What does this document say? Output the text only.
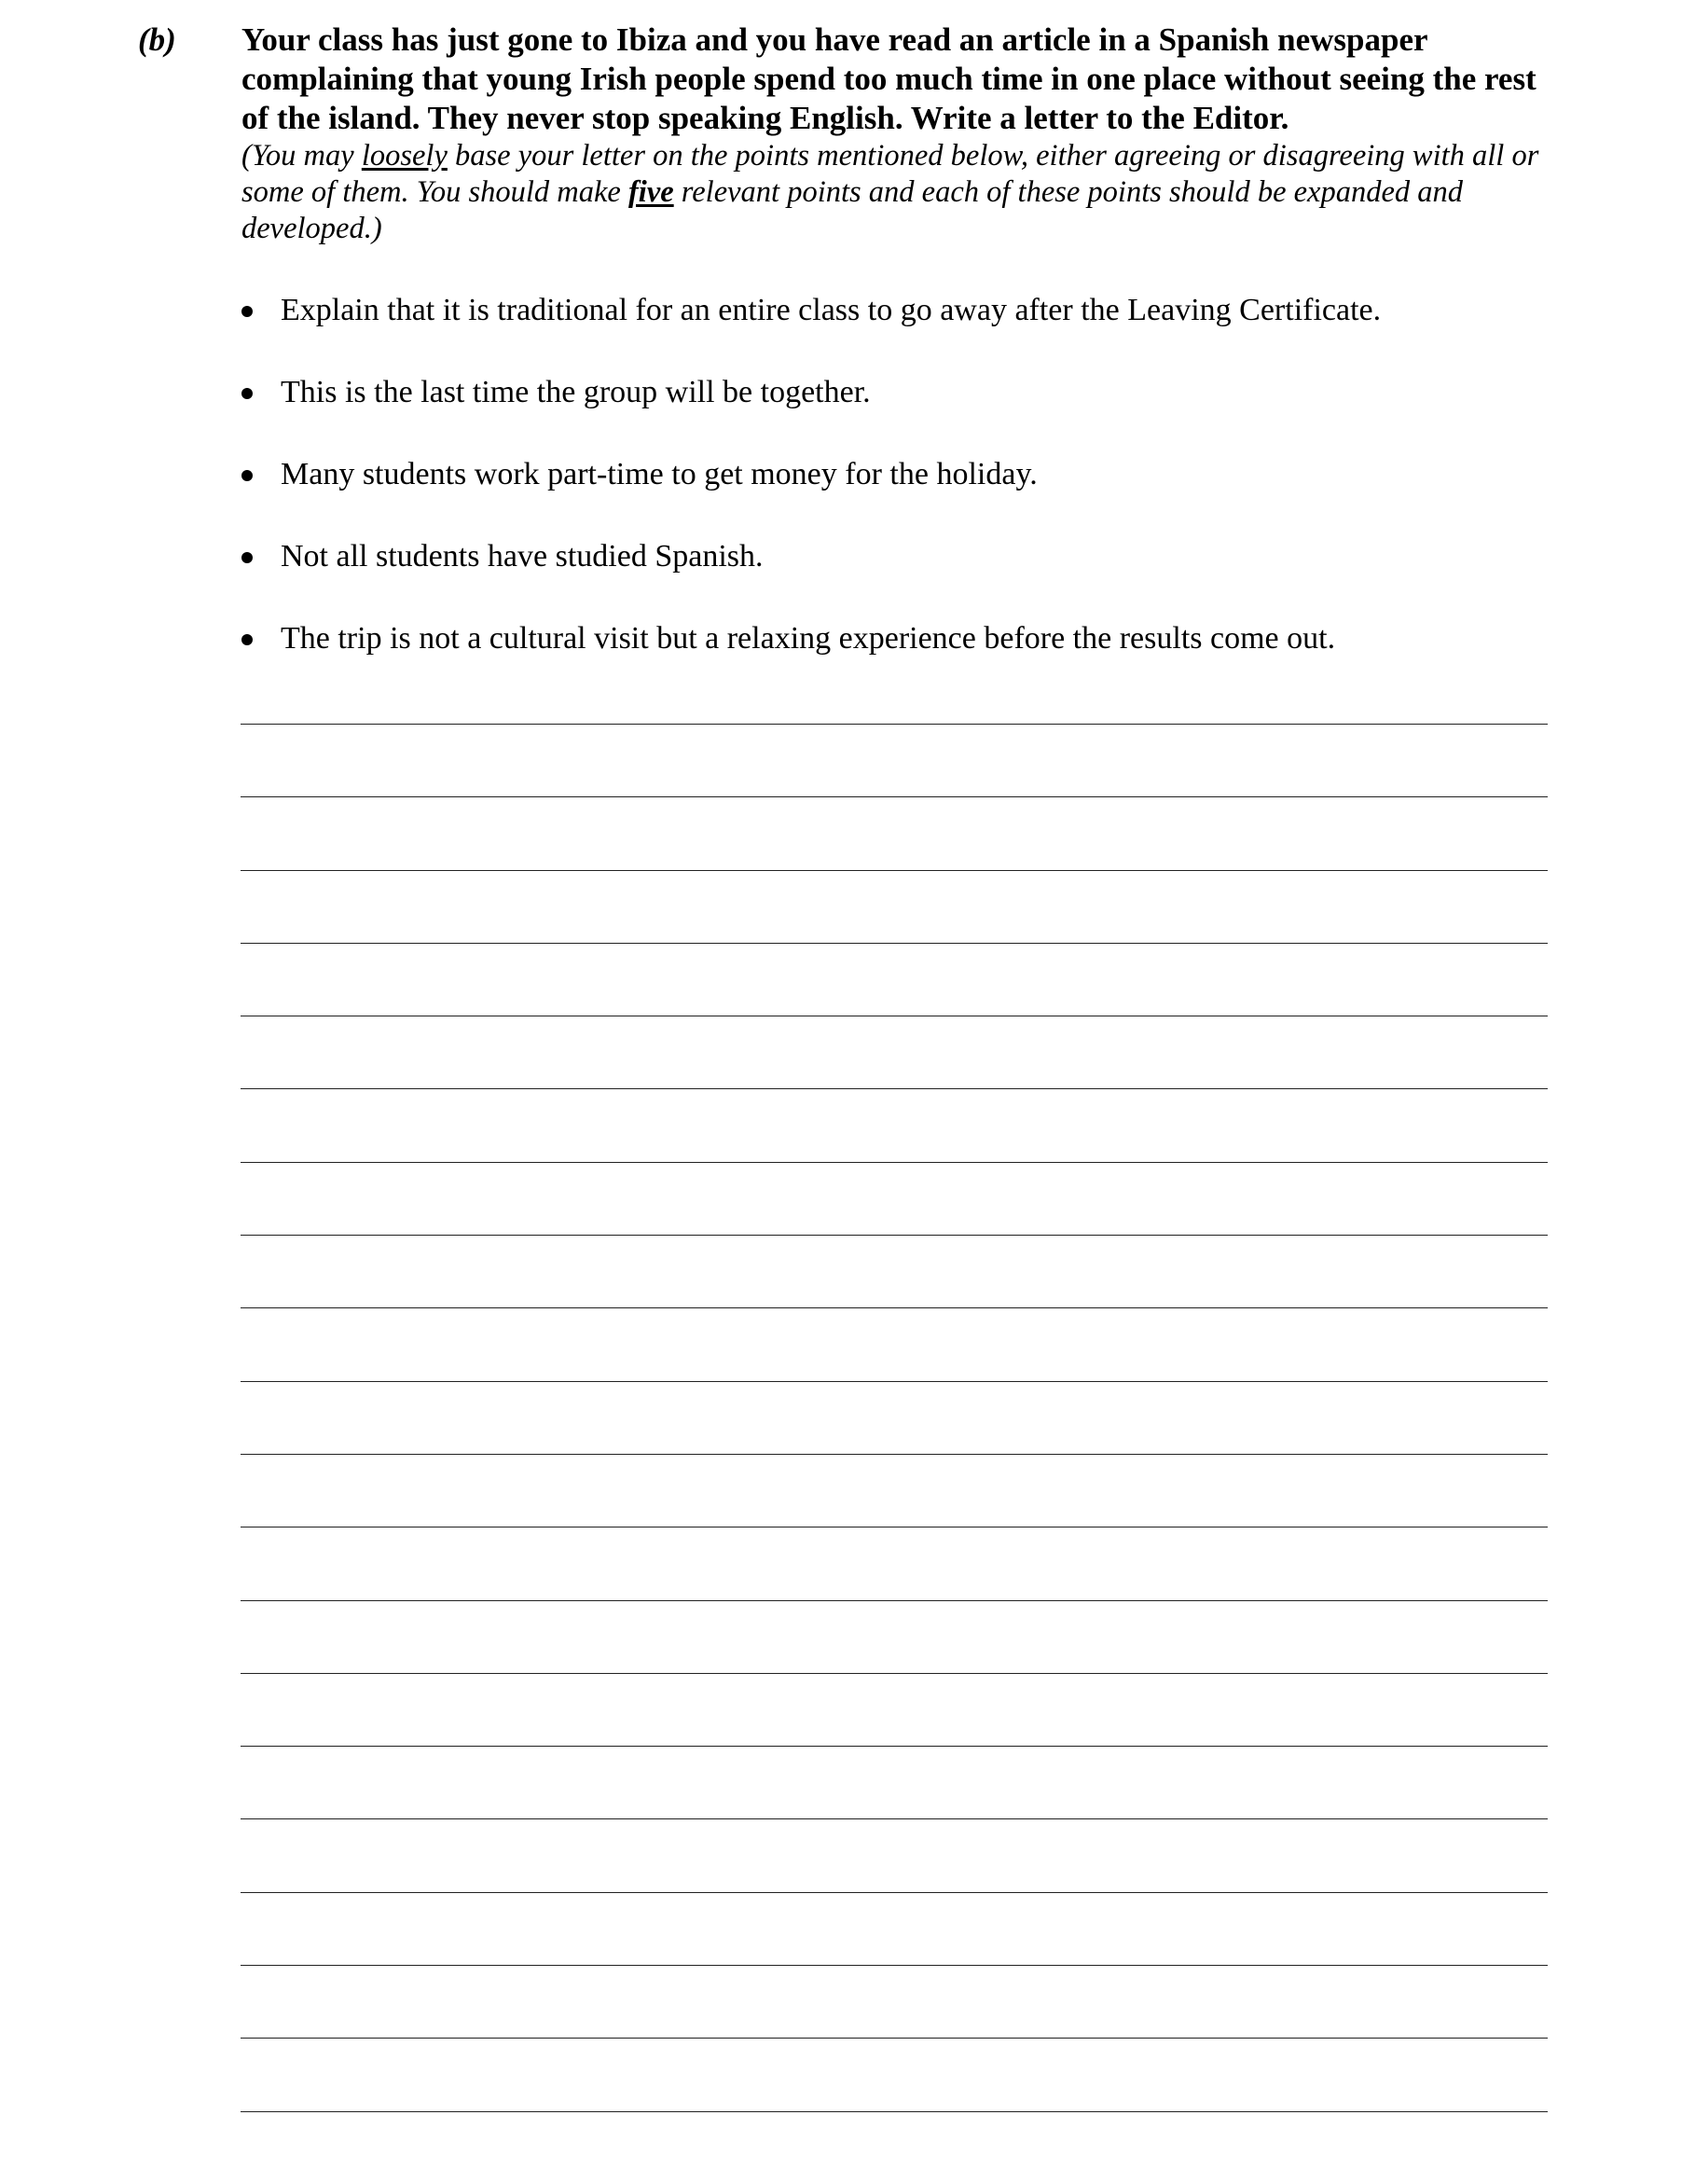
(b) Your class has just gone to Ibiza and you have read an article in a Spanish newspaper complaining that young Irish people spend too much time in one place without seeing the rest of the island. They never stop speaking English. Write a letter to the Editor.

(You may loosely base your letter on the points mentioned below, either agreeing or disagreeing with all or some of them. You should make five relevant points and each of these points should be expanded and developed.)

Explain that it is traditional for an entire class to go away after the Leaving Certificate.
This is the last time the group will be together.
Many students work part-time to get money for the holiday.
Not all students have studied Spanish.
The trip is not a cultural visit but a relaxing experience before the results come out.
